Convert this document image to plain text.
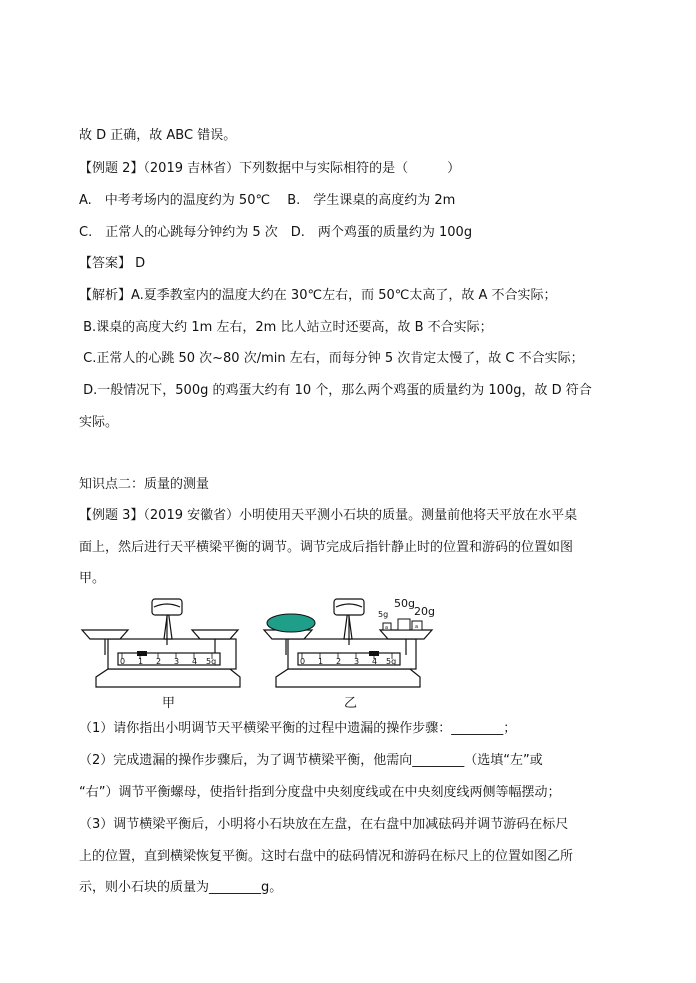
故 D 正确，故 ABC 错误。
【例题 2】（2019 吉林省）下列数据中与实际相符的是（　　　）
A.　中考考场内的温度约为 50℃　 B.　学生课桌的高度约为 2m
C.　正常人的心跳每分钟约为 5 次　D.　两个鸡蛋的质量约为 100g
【答案】 D
【解析】A.夏季教室内的温度大约在 30℃左右，而 50℃太高了，故 A 不合实际；
B.课桌的高度大约 1m 左右，2m 比人站立时还要高，故 B 不合实际；
C.正常人的心跳 50 次~80 次/min 左右，而每分钟 5 次肯定太慢了，故 C 不合实际；
D.一般情况下，500g 的鸡蛋大约有 10 个，那么两个鸡蛋的质量约为 100g，故 D 符合
实际。
知识点二：质量的测量
【例题 3】（2019 安徽省）小明使用天平测小石块的质量。测量前他将天平放在水平桌
面上，然后进行天平横梁平衡的调节。调节完成后指针静止时的位置和游码的位置如图
甲。
0 1 2 3 4 5g
甲
0 1 2 3 4 5g
50g
5g 20g
a	a
乙
（1）请你指出小明调节天平横梁平衡的过程中遗漏的操作步骤：________；
（2）完成遗漏的操作步骤后，为了调节横梁平衡，他需向________（选填“左”或
“右”）调节平衡螺母，使指针指到分度盘中央刻度线或在中央刻度线两侧等幅摆动；
（3）调节横梁平衡后，小明将小石块放在左盘，在右盘中加减砝码并调节游码在标尺
上的位置，直到横梁恢复平衡。这时右盘中的砝码情况和游码在标尺上的位置如图乙所
示，则小石块的质量为________g。
